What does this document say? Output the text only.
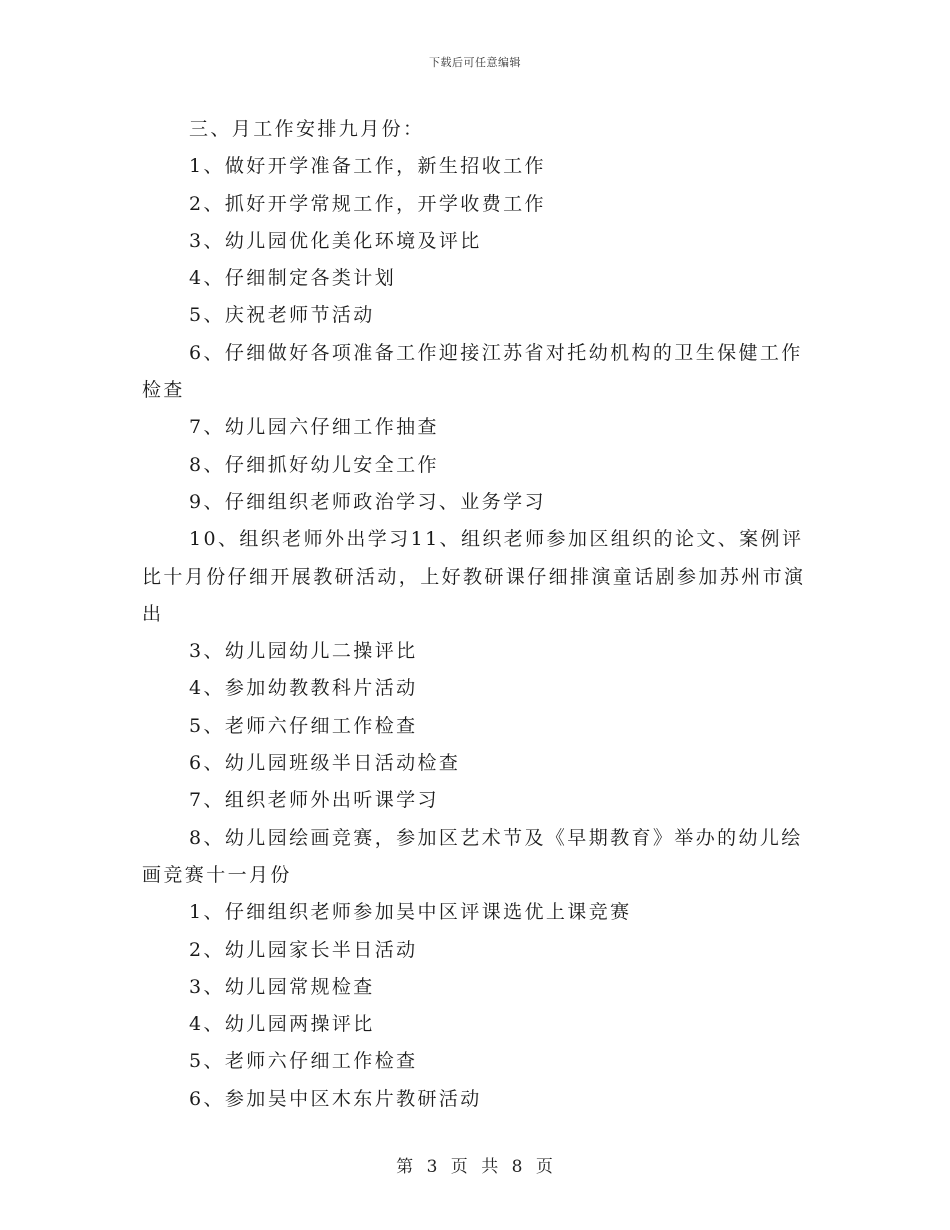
下载后可任意编辑

三、月工作安排九月份：

1、做好开学准备工作，新生招收工作

2、抓好开学常规工作，开学收费工作

3、幼儿园优化美化环境及评比

4、仔细制定各类计划

5、庆祝老师节活动

6、仔细做好各项准备工作迎接江苏省对托幼机构的卫生保健工作检查

7、幼儿园六仔细工作抽查

8、仔细抓好幼儿安全工作

9、仔细组织老师政治学习、业务学习

10、组织老师外出学习11、组织老师参加区组织的论文、案例评比十月份仔细开展教研活动，上好教研课仔细排演童话剧参加苏州市演出

3、幼儿园幼儿二操评比

4、参加幼教教科片活动

5、老师六仔细工作检查

6、幼儿园班级半日活动检查

7、组织老师外出听课学习

8、幼儿园绘画竞赛，参加区艺术节及《早期教育》举办的幼儿绘画竞赛十一月份

1、仔细组织老师参加吴中区评课选优上课竞赛

2、幼儿园家长半日活动

3、幼儿园常规检查

4、幼儿园两操评比

5、老师六仔细工作检查

6、参加吴中区木东片教研活动

第 3 页 共 8 页
